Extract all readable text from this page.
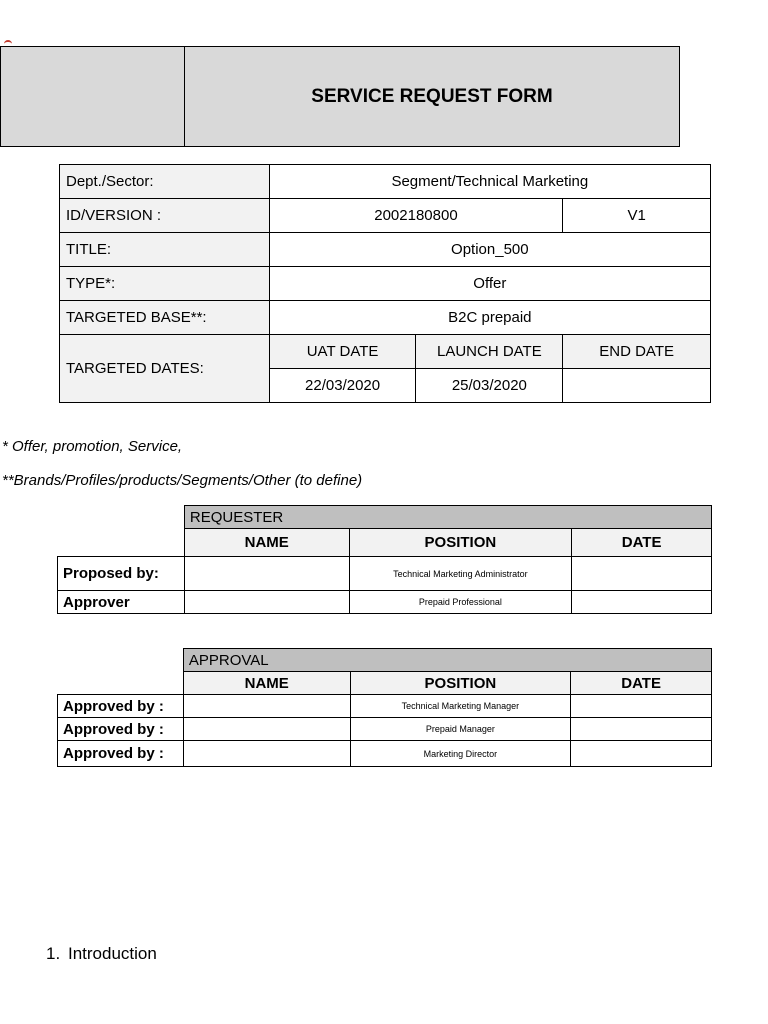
	SERVICE REQUEST FORM
Dept./Sector:	Segment/Technical Marketing		
ID/VERSION :	2002180800		V1
TITLE:	Option_500		
TYPE*:	Offer		
TARGETED BASE**:	B2C prepaid		
TARGETED DATES:	UAT DATE	LAUNCH DATE	END DATE
	22/03/2020	25/03/2020	
* Offer, promotion, Service,
**Brands/Profiles/products/Segments/Other (to define)
	REQUESTER		
	NAME	POSITION	DATE
Proposed by:		Technical Marketing Administrator	
Approver		Prepaid Professional	
	APPROVAL		
	NAME	POSITION	DATE
Approved by :		Technical Marketing Manager	
Approved by :		Prepaid Manager	
Approved by :		Marketing Director	
1. Introduction
